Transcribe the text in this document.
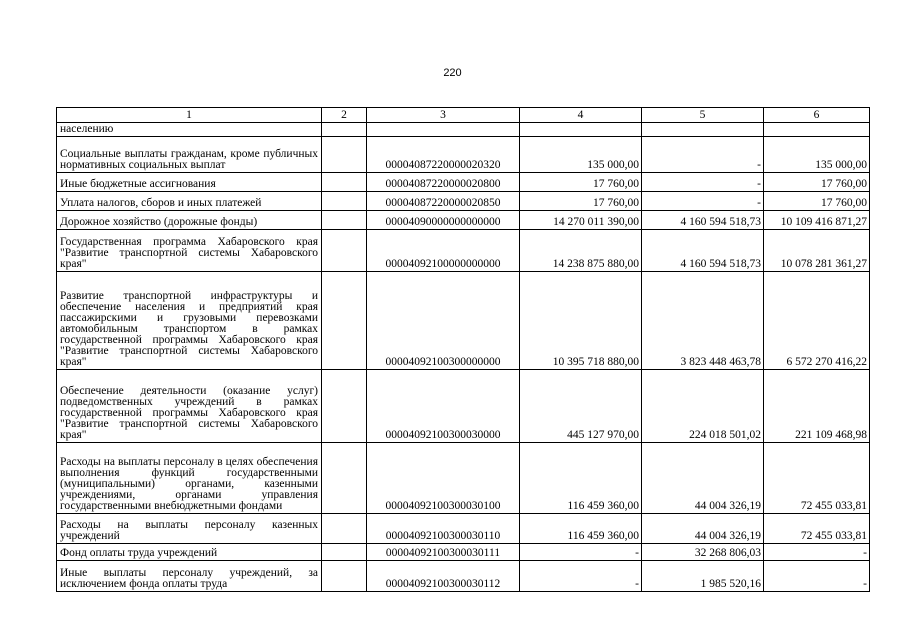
220
1	2	3	4	5	6
населению					
Социальные выплаты гражданам, кроме публичных нормативных социальных выплат		00004087220000020320	135 000,00	-	135 000,00
Иные бюджетные ассигнования		00004087220000020800	17 760,00	-	17 760,00
Уплата налогов, сборов и иных платежей		00004087220000020850	17 760,00	-	17 760,00
Дорожное хозяйство (дорожные фонды)		00004090000000000000	14 270 011 390,00	4 160 594 518,73	10 109 416 871,27
Государственная программа Хабаровского края "Развитие транспортной системы Хабаровского края"		00004092100000000000	14 238 875 880,00	4 160 594 518,73	10 078 281 361,27
Развитие транспортной инфраструктуры и обеспечение населения и предприятий края пассажирскими и грузовыми перевозками автомобильным транспортом в рамках государственной программы Хабаровского края "Развитие транспортной системы Хабаровского края"		00004092100300000000	10 395 718 880,00	3 823 448 463,78	6 572 270 416,22
Обеспечение деятельности (оказание услуг) подведомственных учреждений в рамках государственной программы Хабаровского края "Развитие транспортной системы Хабаровского края"		00004092100300030000	445 127 970,00	224 018 501,02	221 109 468,98
Расходы на выплаты персоналу в целях обеспечения выполнения функций государственными (муниципальными) органами, казенными учреждениями, органами управления государственными внебюджетными фондами		00004092100300030100	116 459 360,00	44 004 326,19	72 455 033,81
Расходы на выплаты персоналу казенных учреждений		00004092100300030110	116 459 360,00	44 004 326,19	72 455 033,81
Фонд оплаты труда учреждений		00004092100300030111	-	32 268 806,03	-
Иные выплаты персоналу учреждений, за исключением фонда оплаты труда		00004092100300030112	-	1 985 520,16	-
